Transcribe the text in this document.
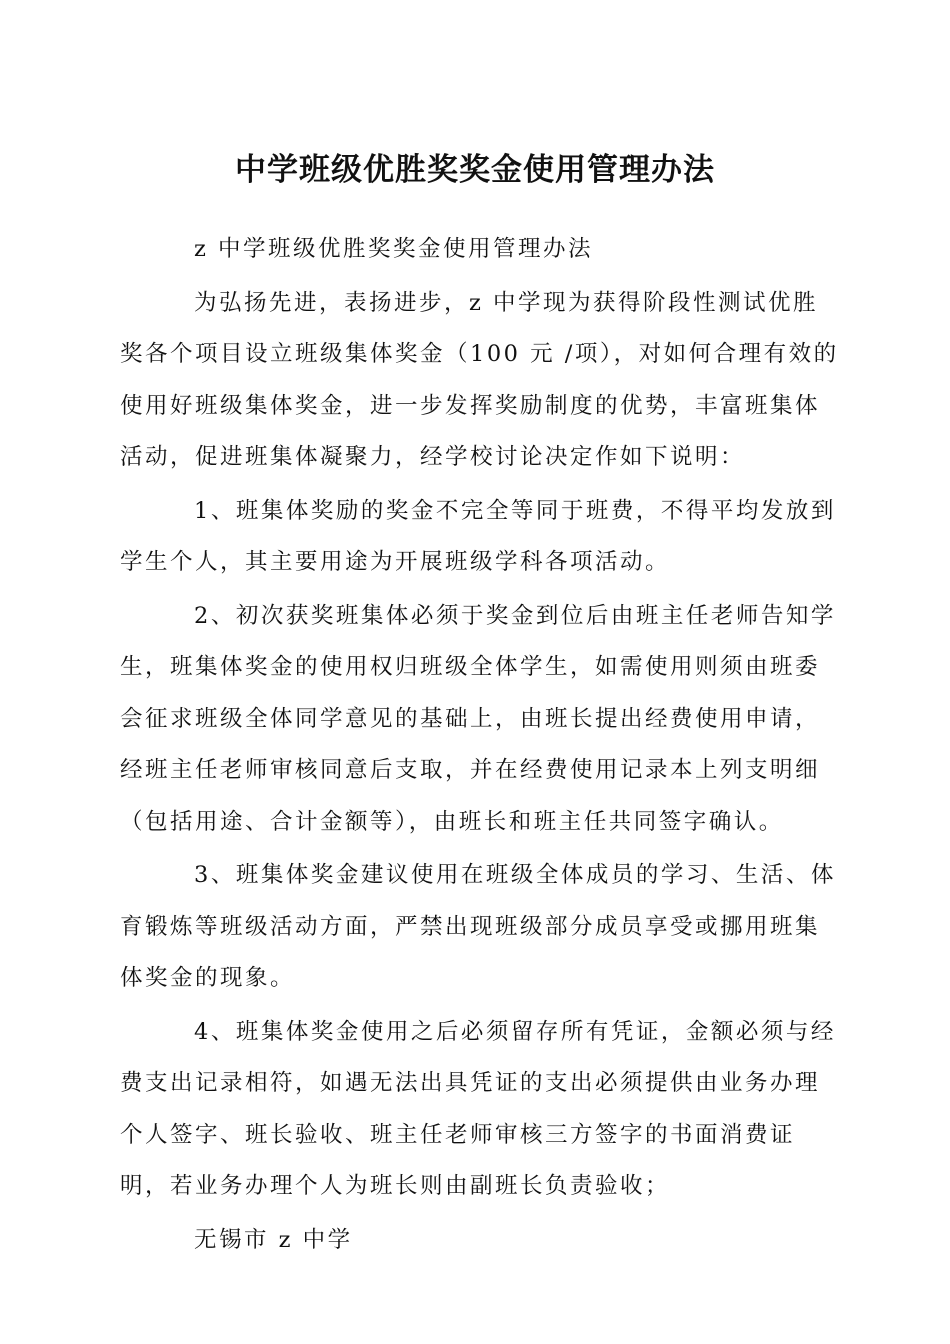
中学班级优胜奖奖金使用管理办法

z 中学班级优胜奖奖金使用管理办法

为弘扬先进，表扬进步，z 中学现为获得阶段性测试优胜奖各个项目设立班级集体奖金（100 元 /项），对如何合理有效的使用好班级集体奖金，进一步发挥奖励制度的优势，丰富班集体活动，促进班集体凝聚力，经学校讨论决定作如下说明：

1、班集体奖励的奖金不完全等同于班费，不得平均发放到学生个人，其主要用途为开展班级学科各项活动。

2、初次获奖班集体必须于奖金到位后由班主任老师告知学生，班集体奖金的使用权归班级全体学生，如需使用则须由班委会征求班级全体同学意见的基础上，由班长提出经费使用申请，经班主任老师审核同意后支取，并在经费使用记录本上列支明细（包括用途、合计金额等），由班长和班主任共同签字确认。

3、班集体奖金建议使用在班级全体成员的学习、生活、体育锻炼等班级活动方面，严禁出现班级部分成员享受或挪用班集体奖金的现象。

4、班集体奖金使用之后必须留存所有凭证，金额必须与经费支出记录相符，如遇无法出具凭证的支出必须提供由业务办理个人签字、班长验收、班主任老师审核三方签字的书面消费证明，若业务办理个人为班长则由副班长负责验收；

无锡市 z 中学
